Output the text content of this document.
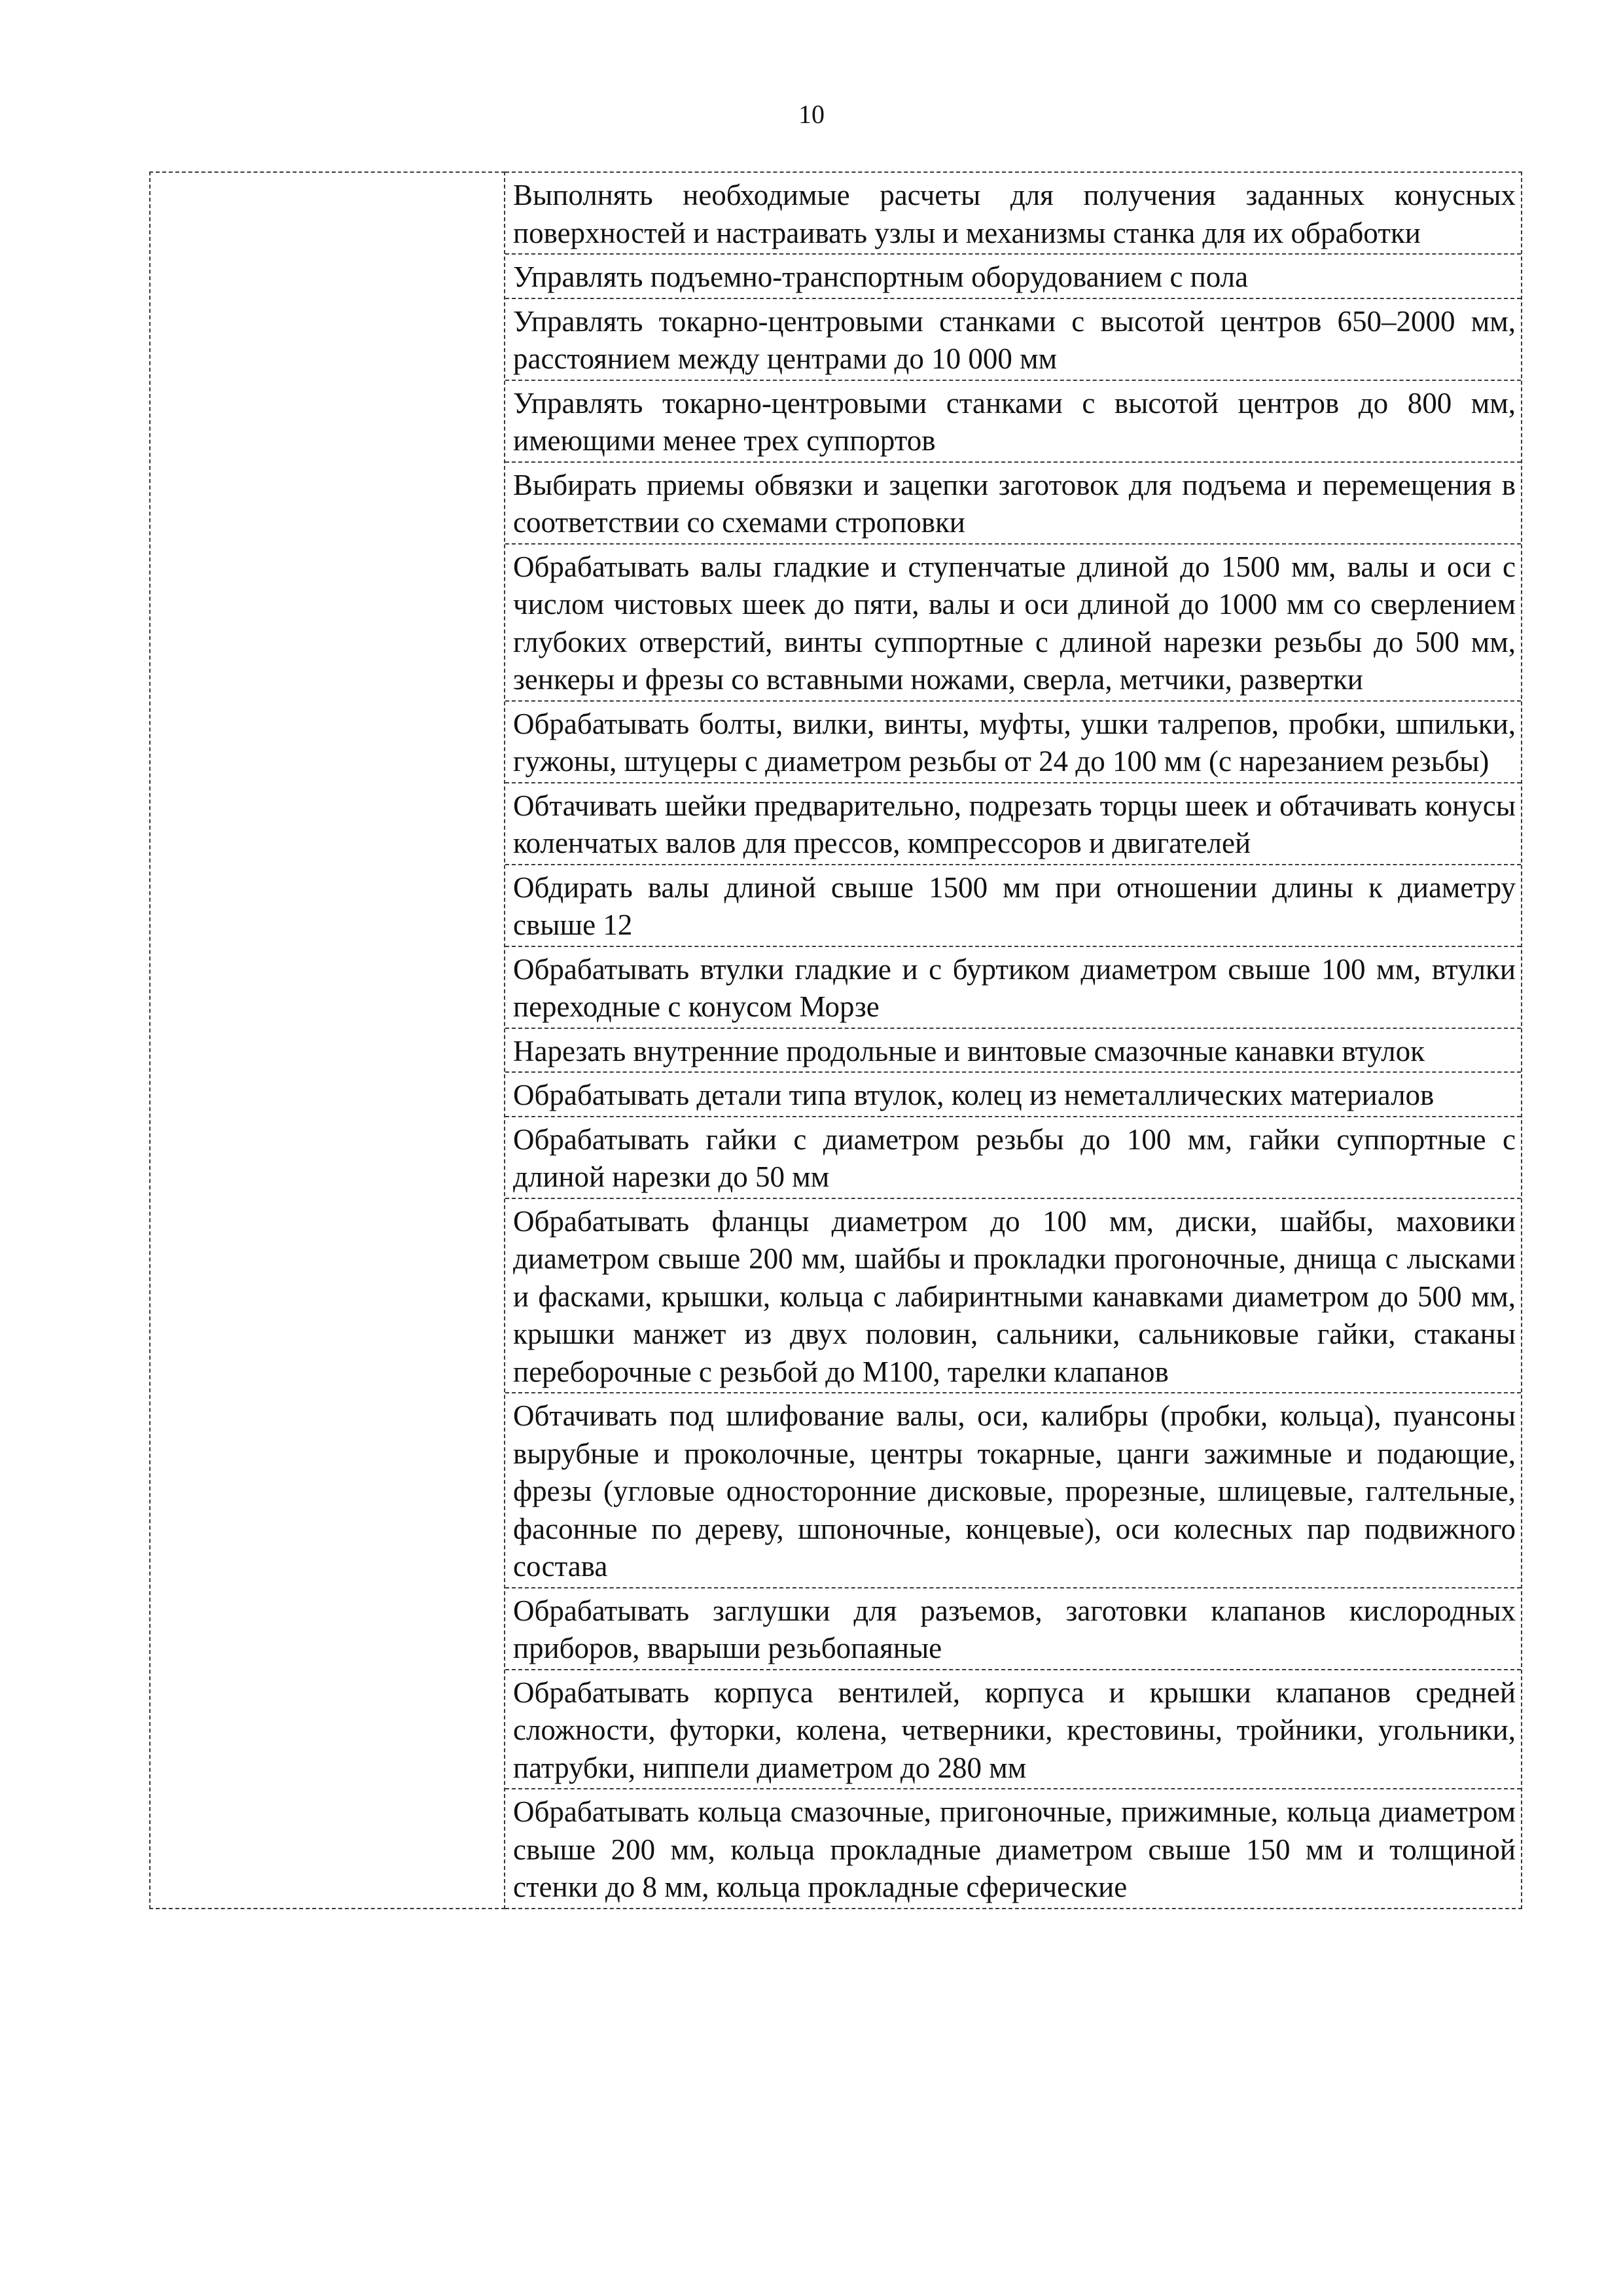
10

Выполнять необходимые расчеты для получения заданных конусных поверхностей и настраивать узлы и механизмы станка для их обработки
Управлять подъемно-транспортным оборудованием с пола
Управлять токарно-центровыми станками с высотой центров 650–2000 мм, расстоянием между центрами до 10 000 мм
Управлять токарно-центровыми станками с высотой центров до 800 мм, имеющими менее трех суппортов
Выбирать приемы обвязки и зацепки заготовок для подъема и перемещения в соответствии со схемами строповки
Обрабатывать валы гладкие и ступенчатые длиной до 1500 мм, валы и оси с числом чистовых шеек до пяти, валы и оси длиной до 1000 мм со сверлением глубоких отверстий, винты суппортные с длиной нарезки резьбы до 500 мм, зенкеры и фрезы со вставными ножами, сверла, метчики, развертки
Обрабатывать болты, вилки, винты, муфты, ушки талрепов, пробки, шпильки, гужоны, штуцеры с диаметром резьбы от 24 до 100 мм (с нарезанием резьбы)
Обтачивать шейки предварительно, подрезать торцы шеек и обтачивать конусы коленчатых валов для прессов, компрессоров и двигателей
Обдирать валы длиной свыше 1500 мм при отношении длины к диаметру свыше 12
Обрабатывать втулки гладкие и с буртиком диаметром свыше 100 мм, втулки переходные с конусом Морзе
Нарезать внутренние продольные и винтовые смазочные канавки втулок
Обрабатывать детали типа втулок, колец из неметаллических материалов
Обрабатывать гайки с диаметром резьбы до 100 мм, гайки суппортные с длиной нарезки до 50 мм
Обрабатывать фланцы диаметром до 100 мм, диски, шайбы, маховики диаметром свыше 200 мм, шайбы и прокладки прогоночные, днища с лысками и фасками, крышки, кольца с лабиринтными канавками диаметром до 500 мм, крышки манжет из двух половин, сальники, сальниковые гайки, стаканы переборочные с резьбой до М100, тарелки клапанов
Обтачивать под шлифование валы, оси, калибры (пробки, кольца), пуансоны вырубные и проколочные, центры токарные, цанги зажимные и подающие, фрезы (угловые односторонние дисковые, прорезные, шлицевые, галтельные, фасонные по дереву, шпоночные, концевые), оси колесных пар подвижного состава
Обрабатывать заглушки для разъемов, заготовки клапанов кислородных приборов, вварыши резьбопаяные
Обрабатывать корпуса вентилей, корпуса и крышки клапанов средней сложности, футорки, колена, четверники, крестовины, тройники, угольники, патрубки, ниппели диаметром до 280 мм
Обрабатывать кольца смазочные, пригоночные, прижимные, кольца диаметром свыше 200 мм, кольца прокладные диаметром свыше 150 мм и толщиной стенки до 8 мм, кольца прокладные сферические
